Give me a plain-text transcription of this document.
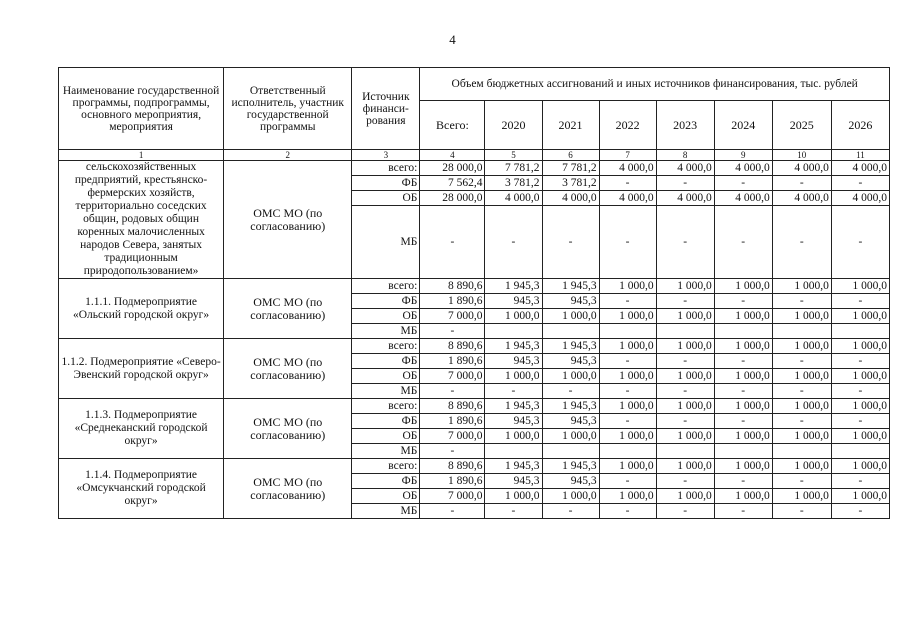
4
Наименование государственной программы, подпрограммы, основного мероприятия, мероприятия	Ответственный исполнитель, участник государственной программы	Источник финанси-рования	Объем бюджетных ассигнований и иных источников финансирования, тыс. рублей							
			Всего:	2020	2021	2022	2023	2024	2025	2026
1	2	3	4	5	6	7	8	9	10	11
сельскохозяйственных предприятий, крестьянско-фермерских хозяйств, территориально соседских общин, родовых общин коренных малочисленных народов Севера, занятых традиционным природопользованием»	ОМС МО (по согласованию)	всего:	28 000,0	7 781,2	7 781,2	4 000,0	4 000,0	4 000,0	4 000,0	4 000,0
		ФБ	7 562,4	3 781,2	3 781,2	-	-	-	-	-
		ОБ	28 000,0	4 000,0	4 000,0	4 000,0	4 000,0	4 000,0	4 000,0	4 000,0
		МБ	-	-	-	-	-	-	-	-
1.1.1. Подмероприятие «Ольский городской округ»	ОМС МО (по согласованию)	всего:	8 890,6	1 945,3	1 945,3	1 000,0	1 000,0	1 000,0	1 000,0	1 000,0
		ФБ	1 890,6	945,3	945,3	-	-	-	-	-
		ОБ	7 000,0	1 000,0	1 000,0	1 000,0	1 000,0	1 000,0	1 000,0	1 000,0
		МБ	-							
1.1.2. Подмероприятие «Северо-Эвенский городской округ»	ОМС МО (по согласованию)	всего:	8 890,6	1 945,3	1 945,3	1 000,0	1 000,0	1 000,0	1 000,0	1 000,0
		ФБ	1 890,6	945,3	945,3	-	-	-	-	-
		ОБ	7 000,0	1 000,0	1 000,0	1 000,0	1 000,0	1 000,0	1 000,0	1 000,0
		МБ	-	-	-	-	-	-	-	-
1.1.3. Подмероприятие «Среднеканский городской округ»	ОМС МО (по согласованию)	всего:	8 890,6	1 945,3	1 945,3	1 000,0	1 000,0	1 000,0	1 000,0	1 000,0
		ФБ	1 890,6	945,3	945,3	-	-	-	-	-
		ОБ	7 000,0	1 000,0	1 000,0	1 000,0	1 000,0	1 000,0	1 000,0	1 000,0
		МБ	-							
1.1.4. Подмероприятие «Омсукчанский городской округ»	ОМС МО (по согласованию)	всего:	8 890,6	1 945,3	1 945,3	1 000,0	1 000,0	1 000,0	1 000,0	1 000,0
		ФБ	1 890,6	945,3	945,3	-	-	-	-	-
		ОБ	7 000,0	1 000,0	1 000,0	1 000,0	1 000,0	1 000,0	1 000,0	1 000,0
		МБ	-	-	-	-	-	-	-	-
